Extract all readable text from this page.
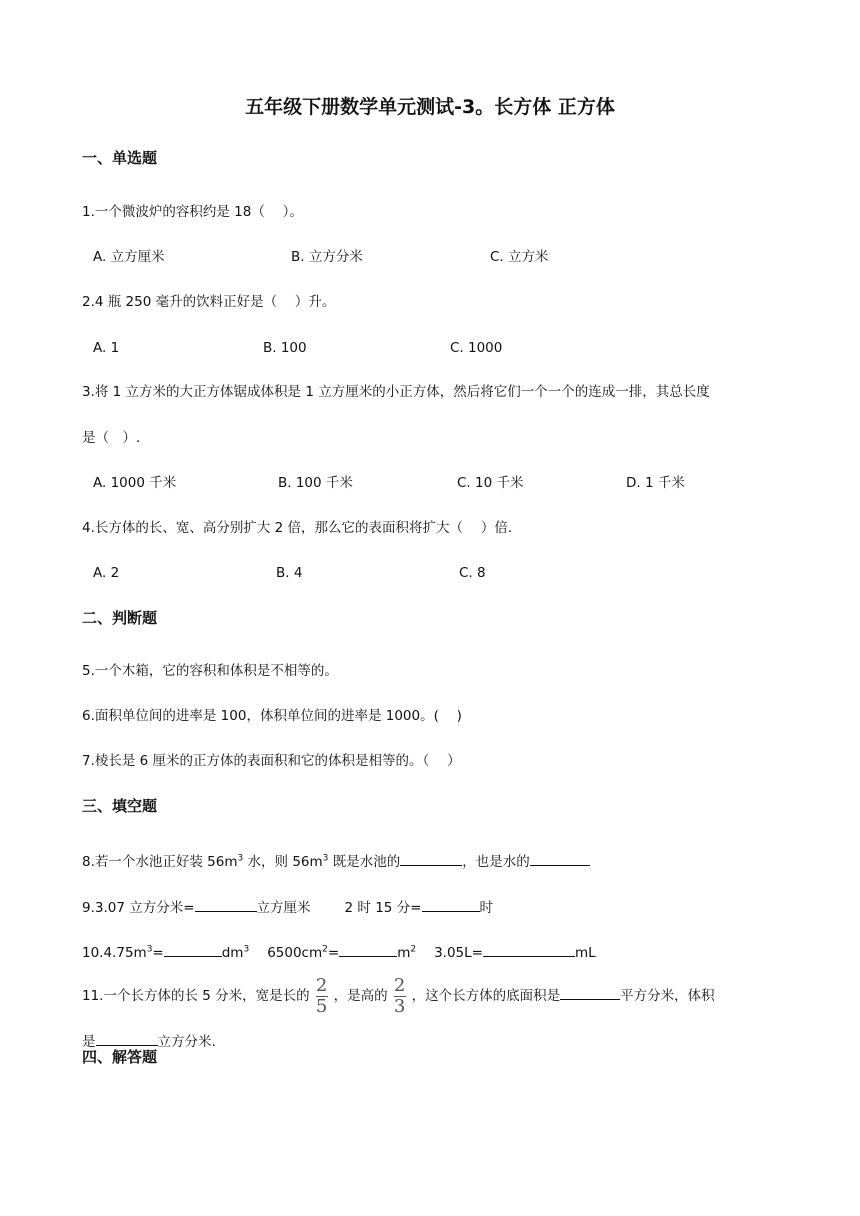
五年级下册数学单元测试-3。长方体 正方体
一、单选题
1.一个微波炉的容积约是 18（　 ）。
A. 立方厘米	B. 立方分米	C. 立方米
2.4 瓶 250 毫升的饮料正好是（　 ）升。
A. 1	B. 100	C. 1000
3.将 1 立方米的大正方体锯成体积是 1 立方厘米的小正方体，然后将它们一个一个的连成一排，其总长度
是（　）.
A. 1000 千米	B. 100 千米	C. 10 千米	D. 1 千米
4.长方体的长、宽、高分别扩大 2 倍，那么它的表面积将扩大（　 ）倍.
A. 2	B. 4	C. 8
二、判断题
5.一个木箱，它的容积和体积是不相等的。
6.面积单位间的进率是 100，体积单位间的进率是 1000。(　 )
7.棱长是 6 厘米的正方体的表面积和它的体积是相等的。（　 ）
三、填空题
8.若一个水池正好装 $56m^3$ 水，则 $56m^3$ 既是水池的	，也是水的
9.3.07 立方分米=	立方厘米	2 时 15 分=	时
$10.4.75m^3=$	$dm^3$ $6500cm^2=$	$m^2$ 3.05L=	mL
11.一个长方体的长 5 分米，宽是长的 $\frac{2}{5}$ ，是高的 $\frac{2}{3}$ ，这个长方体的底面积是	平方分米，体积
是	立方分米.
四、解答题
